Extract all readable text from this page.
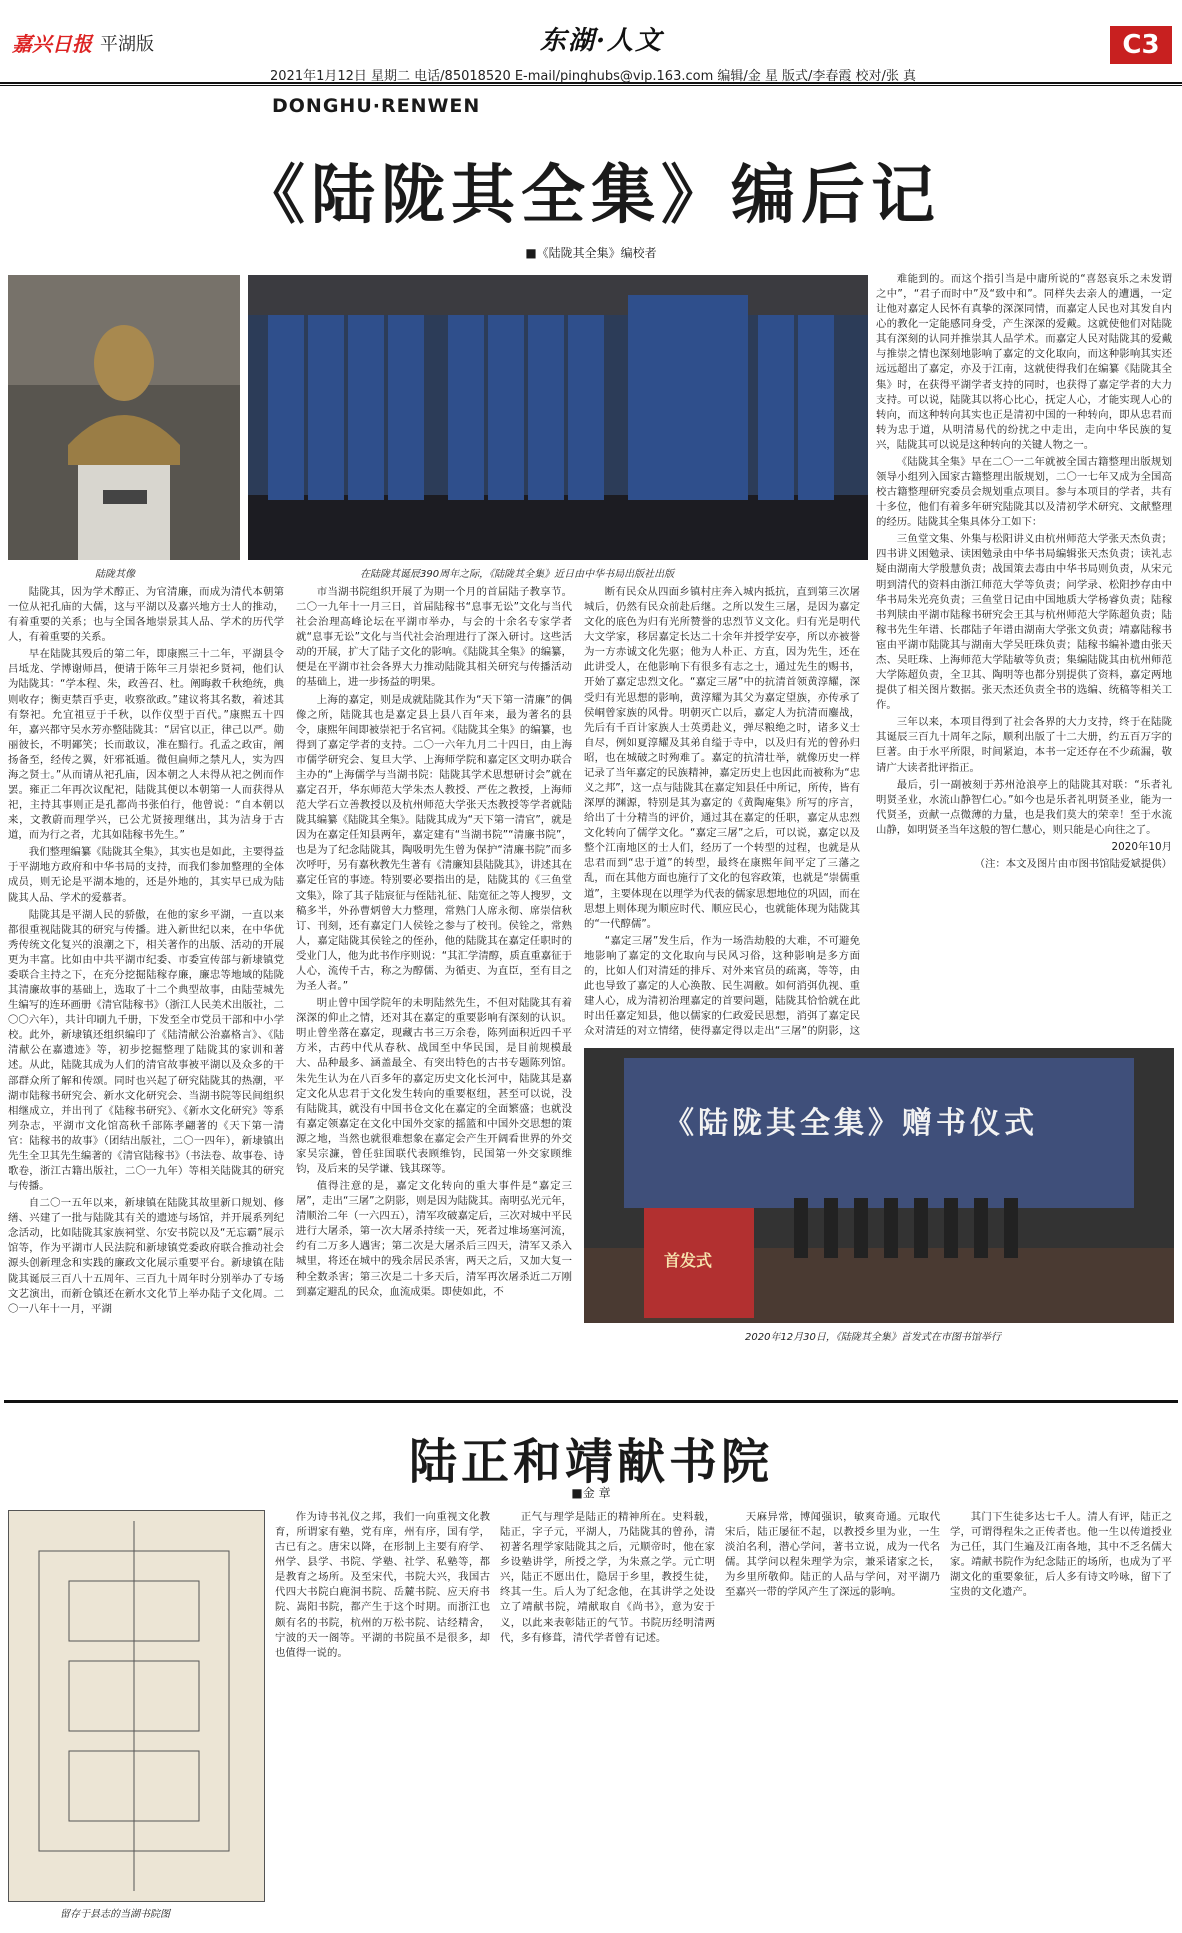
嘉兴日报 平湖版	东湖·人文	C3
2021年1月12日 星期二 电话/85018520 E-mail/pinghubs@vip.163.com 编辑/金 星 版式/李春霞 校对/张 真
DONGHU·RENWEN
《陆陇其全集》编后记
■《陆陇其全集》编校者
陆陇其像	在陆陇其诞辰390周年之际，《陆陇其全集》近日由中华书局出版社出版

陆陇其，因为学术醇正、为官清廉，而成为清代本朝第一位从祀孔庙的大儒，这与平湖以及嘉兴地方士人的推动，有着重要的关系；也与全国各地崇景其人品、学术的历代学人，有着重要的关系。

早在陆陇其殁后的第二年，即康熙三十二年，平湖县令吕坻龙、学博谢师昌，便请于陈年三月崇祀乡贤祠，他们认为陆陇其：“学本程、朱，政善召、杜。阐晦救千秋绝统，典则收存；衡吏禁百乎吏，收察欲政。”建议将其名数，着述其有祭祀。允宜祖豆于千秋，以作仪型于百代。”康熙五十四年，嘉兴都守吴水芳亦整陆陇其：“居官以正，律己以严。勋丽彼长，不明鄙笑；长而敢议，准在黯行。孔孟之政宙，阐扬备至，经传之翼，奸邪祗遁。微但扁师之禁凡人，实为四海之贤士。”从而请从祀孔庙，因本朝之人未得从祀之例而作罢。雍正二年再次议配祀，陆陇其便以本朝第一人而获得从祀，主持其事则正是孔都尚书张伯行，他曾说：“自本朝以来，文教蔚而理学兴，已公尤贤接理继出，其为洁身于古道，而为行之者，尤其如陆稼书先生。”

我们整理编纂《陆陇其全集》，其实也是如此，主要得益于平湖地方政府和中华书局的支持，而我们参加整理的全体成员，则无论是平湖本地的，还是外地的，其实早已成为陆陇其人品、学术的爱慕者。

陆陇其是平湖人民的骄傲，在他的家乡平湖，一直以来都很重视陆陇其的研究与传播。进入新世纪以来，在中华优秀传统文化复兴的浪潮之下，相关著作的出版、活动的开展更为丰富。比如由中共平湖市纪委、市委宣传部与新埭镇党委联合主持之下，在充分挖掘陆稼存廉，廉忠等地域的陆陇其清廉故事的基础上，选取了十二个典型故事，由陆莹城先生编写的连环画册《清官陆稼书》（浙江人民美术出版社，二〇〇六年），共计印刷九千册，下发至全市党员干部和中小学校。此外，新埭镇还组织编印了《陆清献公治嘉格言》、《陆清献公在嘉遗迹》等，初步挖掘整理了陆陇其的家训和著述。从此，陆陇其成为人们的清官故事被平湖以及众多的干部群众所了解和传颂。同时也兴起了研究陆陇其的热潮，平湖市陆稼书研究会、新水文化研究会、当湖书院等民间组织相继成立，并出刊了《陆稼书研究》、《新水文化研究》等系列杂志，平湖市文化馆高秋千部陈孝翩著的《天下第一清官：陆稼书的故事》（团结出版社，二〇一四年），新埭镇出先生全卫其先生编著的《清官陆稼书》（书法卷、故事卷、诗歌卷，浙江古籍出版社，二〇一九年）等相关陆陇其的研究与传播。

自二〇一五年以来，新埭镇在陆陇其故里新口规划、修缮、兴建了一批与陆陇其有关的遗迹与场馆，并开展系列纪念活动，比如陆陇其家族祠堂、尔安书院以及“无忘霸”展示馆等，作为平湖市人民法院和新埭镇党委政府联合推动社会源头创新理念和实践的廉政文化展示重要平台。新埭镇在陆陇其诞辰三百八十五周年、三百九十周年时分别举办了专场文艺演出，而新仓镇还在新水文化节上举办陆子文化周。二〇一八年十一月，平湖

市当湖书院组织开展了为期一个月的首届陆子教享节。二〇一九年十一月三日，首届陆稼书“息事无讼”文化与当代社会治理高峰论坛在平湖市举办，与会的十余名专家学者就“息事无讼”文化与当代社会治理进行了深入研讨。这些活动的开展，扩大了陆子文化的影响。《陆陇其全集》的编纂，便是在平湖市社会各界大力推动陆陇其相关研究与传播活动的基础上，进一步扬益的明果。

上海的嘉定，则是成就陆陇其作为“天下第一清廉”的偶像之所，陆陇其也是嘉定县上县八百年来，最为著名的县令，康熙年间即被崇祀于名官祠。《陆陇其全集》的编纂，也得到了嘉定学者的支持。二〇一六年九月二十四日，由上海市儒学研究会、复旦大学、上海师学院和嘉定区文明办联合主办的“上海儒学与当湖书院：陆陇其学术思想研讨会”就在嘉定召开，华东师范大学朱杰人教授、严佐之教授，上海师范大学石立善教授以及杭州师范大学张天杰教授等学者就陆陇其编纂《陆陇其全集》。陆陇其成为“天下第一清官”，就是因为在嘉定任知县两年，嘉定建有“当湖书院”“清廉书院”，也是为了纪念陆陇其，陶吸明先生曾为保护“清廉书院”而多次呼吁，另有嘉秋教先生著有《清廉知县陆陇其》，讲述其在嘉定任官的事迹。特别要必要指出的是，陆陇其的《三鱼堂文集》，除了其子陆宸征与侄陆礼征、陆宽征之等人搜罗，文稿多半，外孙曹炳曾大力整理，常熟门人席永彻、席崇信秋订、刊刻，还有嘉定门人侯铨之参与了校刊。侯铨之，常熟人，嘉定陆陇其侯铨之的侄孙，他的陆陇其在嘉定任职时的受业门人，他为此书作序则说：“其汇学清醇，质直重嘉征于人心，流传千古，称之为醇儒、为循吏、为直臣，至有目之为圣人者。”

明止曾中国学院年的未明陆然先生，不但对陆陇其有着深深的仰止之情，还对其在嘉定的重要影响有深刻的认识。明止曾坐落在嘉定，现藏古书三万余卷，陈列面积近四千平方米，古药中代从春秋、战国至中华民国，是目前规模最大、品种最多、涵盖最全、有突出特色的古书专题陈列馆。朱先生认为在八百多年的嘉定历史文化长河中，陆陇其是嘉定文化从忠君于文化发生转向的重要枢纽，甚至可以说，没有陆陇其，就没有中国书仓文化在嘉定的全面繁盛；也就没有嘉定领嘉定在文化中国外交家的摇篮和中国外交思想的策源之地，当然也就很难想象在嘉定会产生开阔看世界的外交家吴宗濂，曾任驻国联代表顾维钧，民国第一外交家顾维钧，及后来的吴学谦、钱其琛等。

值得注意的是，嘉定文化转向的重大事件是“嘉定三屠”，走出“三屠”之阴影，则是因为陆陇其。南明弘光元年，清顺治二年（一六四五），清军攻破嘉定后，三次对城中平民进行大屠杀，第一次大屠杀持续一天，死者过堆场塞河流，约有二万多人遇害；第二次是大屠杀后三四天，清军又杀入城里，将还在城中的残余居民杀害，两天之后，又加大复一种全数杀害；第三次是二十多天后，清军再次屠杀近二万刚到嘉定避乱的民众，血流成渠。即使如此，不

断有民众从四面乡镇村庄奔入城内抵抗，直到第三次屠城后，仍然有民众前赴后继。之所以发生三屠，是因为嘉定文化的底色为归有光所赞誉的忠烈节义文化。归有光是明代大文学家，移居嘉定长达二十余年并授学安亭，所以亦被誉为一方赤诚文化先驱；他为人朴正、方直，因为先生，还在此讲受人，在他影响下有很多有志之士，通过先生的赐书，开始了嘉定忠烈文化。“嘉定三屠”中的抗清首领黄淳耀，深受归有光思想的影响，黄淳耀为其父为嘉定望族，亦传承了侯峒曾家族的风骨。明朝灭亡以后，嘉定人为抗清而鏖战，先后有千百计家族人士英勇赴义，弹尽粮绝之时，诸多义士自尽，例如夏淳耀及其弟自缢于寺中，以及归有光的曾孙归昭，也在城破之时殉难了。嘉定的抗清壮举，就像历史一样记录了当年嘉定的民族精神，嘉定历史上也因此而被称为“忠义之邦”，这一点与陆陇其在嘉定知县任中所记，所传，皆有深厚的渊源，特别是其为嘉定的《黄陶庵集》所写的序言，给出了十分精当的评价，通过其在嘉定的任职，嘉定从忠烈文化转向了儒学文化。“嘉定三屠”之后，可以说，嘉定以及整个江南地区的士人们，经历了一个转型的过程，也就是从忠君而到“忠于道”的转型，最终在康熙年间平定了三藩之乱，而在其他方面也施行了文化的包容政策，也就是“崇儒重道”，主要体现在以理学为代表的儒家思想地位的巩固，而在思想上则体现为顺应时代、顺应民心，也就能体现为陆陇其的“一代醇儒”。

“嘉定三屠”发生后，作为一场浩劫般的大难，不可避免地影响了嘉定的文化取向与民风习俗，这种影响是多方面的，比如人们对清廷的排斥、对外来官员的疏离，等等，由此也导致了嘉定的人心涣散、民生凋敝。如何消弭仇视、重建人心，成为清初治理嘉定的首要问题，陆陇其恰恰就在此时出任嘉定知县，他以儒家的仁政爱民思想，消弭了嘉定民众对清廷的对立情绪，使得嘉定得以走出“三屠”的阴影，这

难能到的。而这个指引当是中庸所说的“喜怒哀乐之未发谓之中”，“君子而时中”及“致中和”。同样失去亲人的遭遇，一定让他对嘉定人民怀有真挚的深深同情，而嘉定人民也对其发自内心的教化一定能感同身受，产生深深的爱戴。这就使他们对陆陇其有深刻的认同并推崇其人品学术。而嘉定人民对陆陇其的爱戴与推崇之情也深刻地影响了嘉定的文化取向，而这种影响其实还远远超出了嘉定，亦及于江南，这就使得我们在编纂《陆陇其全集》时，在获得平湖学者支持的同时，也获得了嘉定学者的大力支持。可以说，陆陇其以将心比心，抚定人心，才能实现人心的转向，而这种转向其实也正是清初中国的一种转向，即从忠君而转为忠于道，从明清易代的纷扰之中走出，走向中华民族的复兴，陆陇其可以说是这种转向的关键人物之一。

《陆陇其全集》早在二〇一二年就被全国古籍整理出版规划领导小组列入国家古籍整理出版规划，二〇一七年又成为全国高校古籍整理研究委员会规划重点项目。参与本项目的学者，共有十多位，他们有着多年研究陆陇其以及清初学术研究、文献整理的经历。陆陇其全集具体分工如下：

三鱼堂文集、外集与松阳讲义由杭州师范大学张天杰负责；四书讲义困勉录、读困勉录由中华书局编辑张天杰负责；读礼志疑由湖南大学殷慧负责；战国策去毒由中华书局则负责，从宋元明到清代的资料由浙江师范大学等负责；问学录、松阳抄存由中华书局朱光亮负责；三鱼堂日记由中国地质大学杨睿负责；陆稼书判牍由平湖市陆稼书研究会王其与杭州师范大学陈超负责；陆稼书先生年谱、长郡陆子年谱由湖南大学张文负责；靖嘉陆稼书宦由平湖市陆陇其与湖南大学吴旺珠负责；陆稼书编补遗由张天杰、吴旺珠、上海师范大学陆敏等负责；集编陆陇其由杭州师范大学陈超负责，全卫其、陶明等也都分别提供了资料，嘉定两地提供了相关图片数据。张天杰还负责全书的选编、统稿等相关工作。

三年以来，本项目得到了社会各界的大力支持，终于在陆陇其诞辰三百九十周年之际，顺利出版了十二大册，约五百万字的巨著。由于水平所限，时间紧迫，本书一定还存在不少疏漏，敬请广大读者批评指正。

最后，引一副被刻于苏州沧浪亭上的陆陇其对联：“乐者礼明贤圣业，水流山静智仁心。”如今也是乐者礼明贤圣业，能为一代贤圣，贡献一点微薄的力量，也是我们莫大的荣幸！至于水流山静，如明贤圣当年这般的智仁慧心，则只能是心向往之了。

2020年10月

（注：本文及图片由市图书馆陆爱斌提供）

《陆陇其全集》赠书仪式
首发式
2020年12月30日，《陆陇其全集》首发式在市图书馆举行
陆正和靖献书院
■金 章
留存于县志的当湖书院图

作为诗书礼仪之邦，我们一向重视文化教育，所谓家有塾，党有庠，州有序，国有学，古已有之。唐宋以降，在形制上主要有府学、州学、县学、书院、学塾、社学、私塾等，都是教育之场所。及至宋代，书院大兴，我国古代四大书院白鹿洞书院、岳麓书院、应天府书院、嵩阳书院，都产生于这个时期。而浙江也颇有名的书院，杭州的万松书院、诂经精舍，宁波的天一阁等。平湖的书院虽不是很多，却也值得一说的。

正气与理学是陆正的精神所在。史料载，陆正，字子元，平湖人，乃陆陇其的曾孙，清初著名理学家陆陇其之后，元顺帝时，他在家乡设塾讲学，所授之学，为朱熹之学。元亡明兴，陆正不愿出仕，隐居于乡里，教授生徒，终其一生。后人为了纪念他，在其讲学之处设立了靖献书院，靖献取自《尚书》，意为安于义，以此来表彰陆正的气节。书院历经明清两代，多有修葺，清代学者曾有记述。

天麻异常，博闻强识，敏爽奇通。元取代宋后，陆正屡征不起，以教授乡里为业，一生淡泊名利，潜心学问，著书立说，成为一代名儒。其学问以程朱理学为宗，兼采诸家之长，为乡里所敬仰。陆正的人品与学问，对平湖乃至嘉兴一带的学风产生了深远的影响。

其门下生徒多达七千人。清人有评，陆正之学，可谓得程朱之正传者也。他一生以传道授业为己任，其门生遍及江南各地，其中不乏名儒大家。靖献书院作为纪念陆正的场所，也成为了平湖文化的重要象征，后人多有诗文吟咏，留下了宝贵的文化遗产。
